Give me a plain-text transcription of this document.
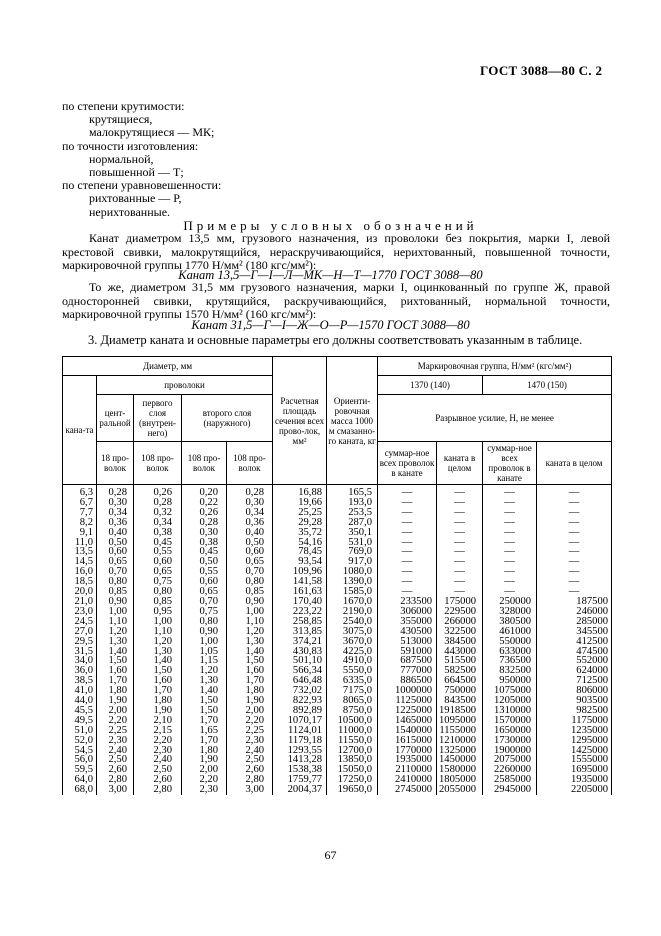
ГОСТ 3088—80 С. 2
по степени крутимости:
крутящиеся,
малокрутящиеся — МК;
по точности изготовления:
нормальной,
повышенной — Т;
по степени уравновешенности:
рихтованные — Р,
нерихтованные.
Примеры условных обозначений
Канат диаметром 13,5 мм, грузового назначения, из проволоки без покрытия, марки I, левой крестовой свивки, малокрутящийся, нераскручивающийся, нерихтованный, повышенной точности, маркировочной группы 1770 Н/мм² (180 кгс/мм²):
Канат 13,5—Г—I—Л—МК—Н—Т—1770 ГОСТ 3088—80
То же, диаметром 31,5 мм грузового назначения, марки I, оцинкованный по группе Ж, правой односторонней свивки, крутящийся, раскручивающийся, рихтованный, нормальной точности, маркировочной группы 1570 Н/мм² (160 кгс/мм²):
Канат 31,5—Г—I—Ж—О—Р—1570 ГОСТ 3088—80
3. Диаметр каната и основные параметры его должны соответствовать указанным в таблице.
Диаметр, мм					Расчетная площадь сечения всех прово-лок, мм²	Ориенти-ровочная масса 1000 м смазанно-го каната, кг	Маркировочная группа, Н/мм² (кгс/мм²)			
кана-та	проволоки						1370 (140)		1470 (150)	
	цент-ральной	первого слоя (внутрен-него)	второго слоя (наружного)				Разрывное усилие, Н, не менее			
	18 про-волок	108 про-волок	108 про-волок	108 про-волок			суммар-ное всех проволок в канате	каната в целом	суммар-ное всех проволок в канате	каната в целом
6,3	0,28	0,26	0,20	0,28	16,88	165,5	—	—	—	—
6,7	0,30	0,28	0,22	0,30	19,66	193,0	—	—	—	—
7,7	0,34	0,32	0,26	0,34	25,25	253,5	—	—	—	—
8,2	0,36	0,34	0,28	0,36	29,28	287,0	—	—	—	—
9,1	0,40	0,38	0,30	0,40	35,72	350,1	—	—	—	—
11,0	0,50	0,45	0,38	0,50	54,16	531,0	—	—	—	—
13,5	0,60	0,55	0,45	0,60	78,45	769,0	—	—	—	—
14,5	0,65	0,60	0,50	0,65	93,54	917,0	—	—	—	—
16,0	0,70	0,65	0,55	0,70	109,96	1080,0	—	—	—	—
18,5	0,80	0,75	0,60	0,80	141,58	1390,0	—	—	—	—
20,0	0,85	0,80	0,65	0,85	161,63	1585,0	—	—	—	—
21,0	0,90	0,85	0,70	0,90	170,40	1670,0	233500	175000	250000	187500
23,0	1,00	0,95	0,75	1,00	223,22	2190,0	306000	229500	328000	246000
24,5	1,10	1,00	0,80	1,10	258,85	2540,0	355000	266000	380500	285000
27,0	1,20	1,10	0,90	1,20	313,85	3075,0	430500	322500	461000	345500
29,5	1,30	1,20	1,00	1,30	374,21	3670,0	513000	384500	550000	412500
31,5	1,40	1,30	1,05	1,40	430,83	4225,0	591000	443000	633000	474500
34,0	1,50	1,40	1,15	1,50	501,10	4910,0	687500	515500	736500	552000
36,0	1,60	1,50	1,20	1,60	566,34	5550,0	777000	582500	832500	624000
38,5	1,70	1,60	1,30	1,70	646,48	6335,0	886500	664500	950000	712500
41,0	1,80	1,70	1,40	1,80	732,02	7175,0	1000000	750000	1075000	806000
44,0	1,90	1,80	1,50	1,90	822,93	8065,0	1125000	843500	1205000	903500
45,5	2,00	1,90	1,50	2,00	892,89	8750,0	1225000	1918500	1310000	982500
49,5	2,20	2,10	1,70	2,20	1070,17	10500,0	1465000	1095000	1570000	1175000
51,0	2,25	2,15	1,65	2,25	1124,01	11000,0	1540000	1155000	1650000	1235000
52,0	2,30	2,20	1,70	2,30	1179,18	11550,0	1615000	1210000	1730000	1295000
54,5	2,40	2,30	1,80	2,40	1293,55	12700,0	1770000	1325000	1900000	1425000
56,0	2,50	2,40	1,90	2,50	1413,28	13850,0	1935000	1450000	2075000	1555000
59,5	2,60	2,50	2,00	2,60	1538,38	15050,0	2110000	1580000	2260000	1695000
64,0	2,80	2,60	2,20	2,80	1759,77	17250,0	2410000	1805000	2585000	1935000
68,0	3,00	2,80	2,30	3,00	2004,37	19650,0	2745000	2055000	2945000	2205000
67
